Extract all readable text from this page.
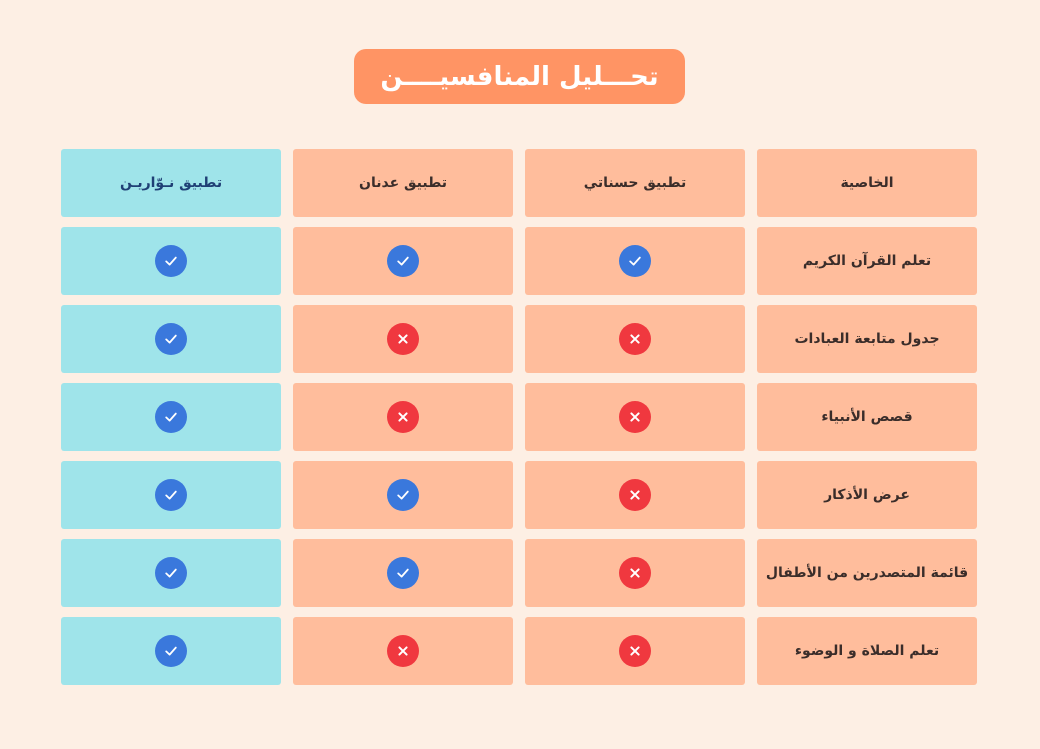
تحـــليل المنافسيــــن
الخاصية
تطبيق حسناتي
تطبيق عدنان
تطبيق نـوّاريـن
تعلم القرآن الكريم
جدول متابعة العبادات
قصص الأنبياء
عرض الأذكار
قائمة المتصدرين من الأطفال
تعلم الصلاة و الوضوء
